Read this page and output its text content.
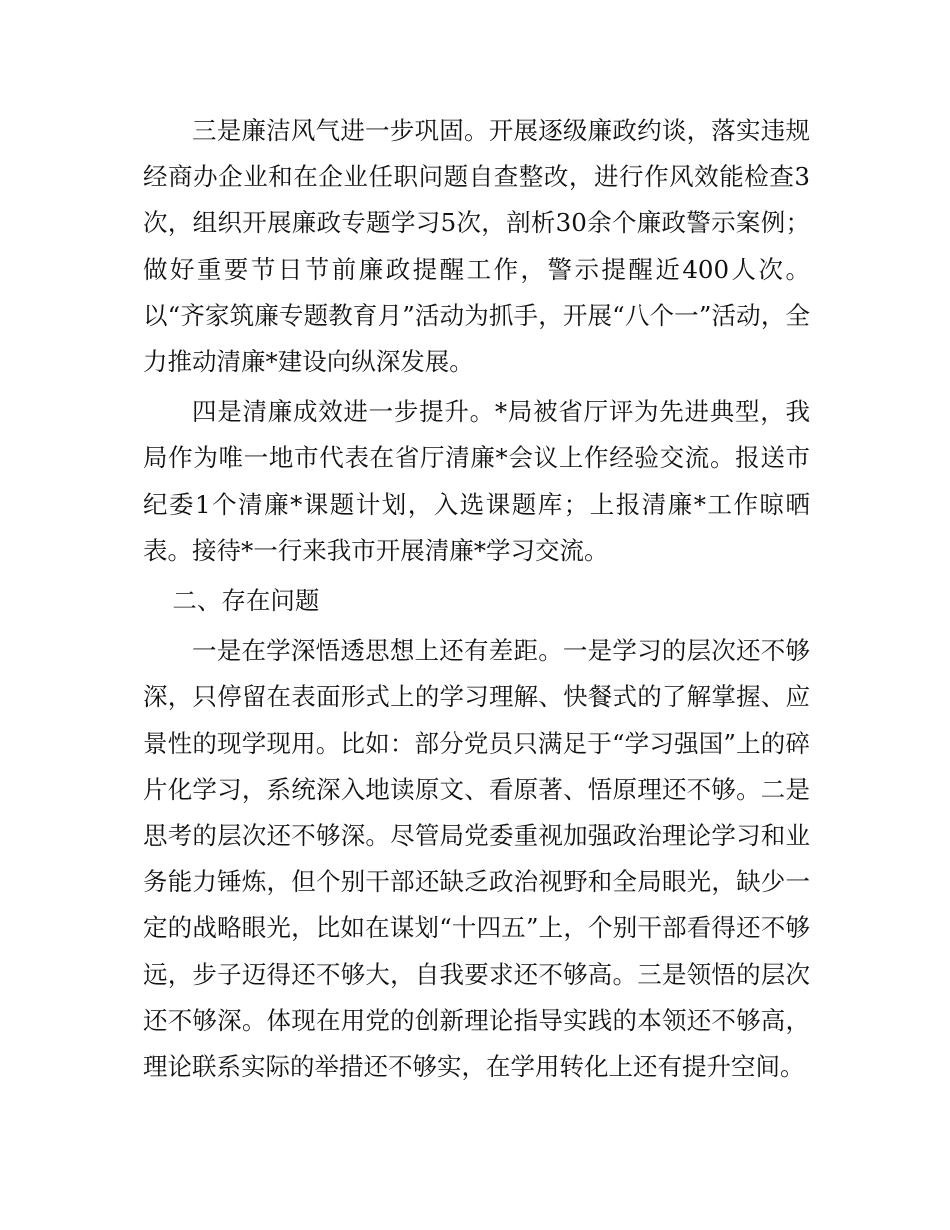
三是廉洁风气进一步巩固。开展逐级廉政约谈，落实违规经商办企业和在企业任职问题自查整改，进行作风效能检查3次，组织开展廉政专题学习5次，剖析30余个廉政警示案例；做好重要节日节前廉政提醒工作，警示提醒近400人次。以“齐家筑廉专题教育月”活动为抓手，开展“八个一”活动，全力推动清廉*建设向纵深发展。

四是清廉成效进一步提升。*局被省厅评为先进典型，我局作为唯一地市代表在省厅清廉*会议上作经验交流。报送市纪委1个清廉*课题计划，入选课题库；上报清廉*工作晾晒表。接待*一行来我市开展清廉*学习交流。

二、存在问题

一是在学深悟透思想上还有差距。一是学习的层次还不够深，只停留在表面形式上的学习理解、快餐式的了解掌握、应景性的现学现用。比如：部分党员只满足于“学习强国”上的碎片化学习，系统深入地读原文、看原著、悟原理还不够。二是思考的层次还不够深。尽管局党委重视加强政治理论学习和业务能力锤炼，但个别干部还缺乏政治视野和全局眼光，缺少一定的战略眼光，比如在谋划“十四五”上，个别干部看得还不够远，步子迈得还不够大，自我要求还不够高。三是领悟的层次还不够深。体现在用党的创新理论指导实践的本领还不够高，理论联系实际的举措还不够实，在学用转化上还有提升空间。
